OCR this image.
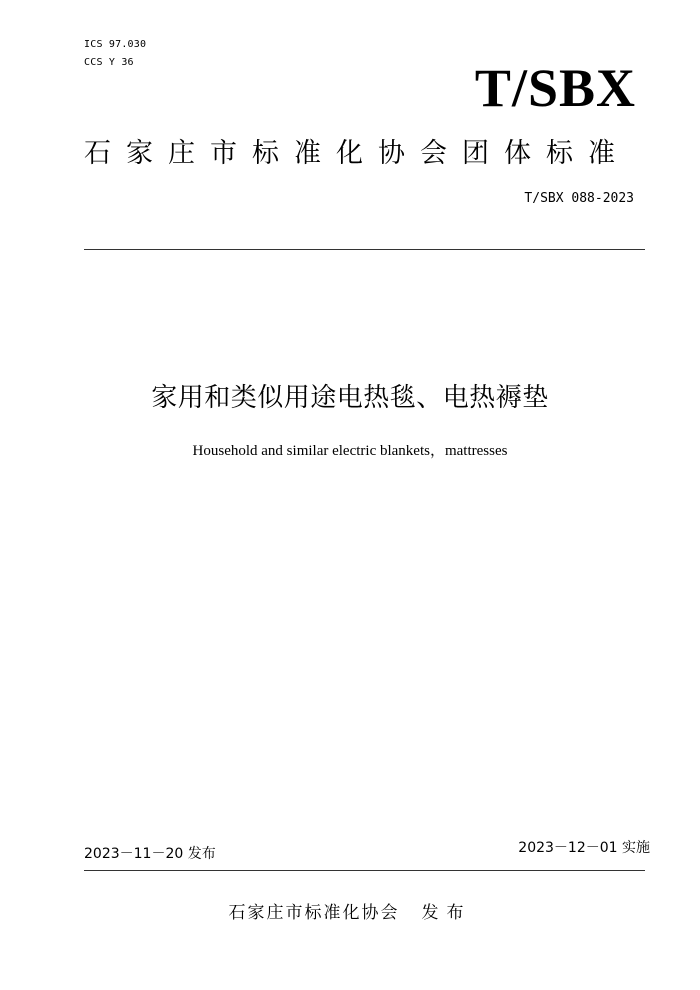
ICS 97.030
CCS Y 36	T/SBX
石家庄市标准化协会团体标准
T/SBX 088-2023
家用和类似用途电热毯、电热褥垫
Household and similar electric blankets，mattresses
2023－11－20 发布	2023－12－01 实施
石家庄市标准化协会 发布
